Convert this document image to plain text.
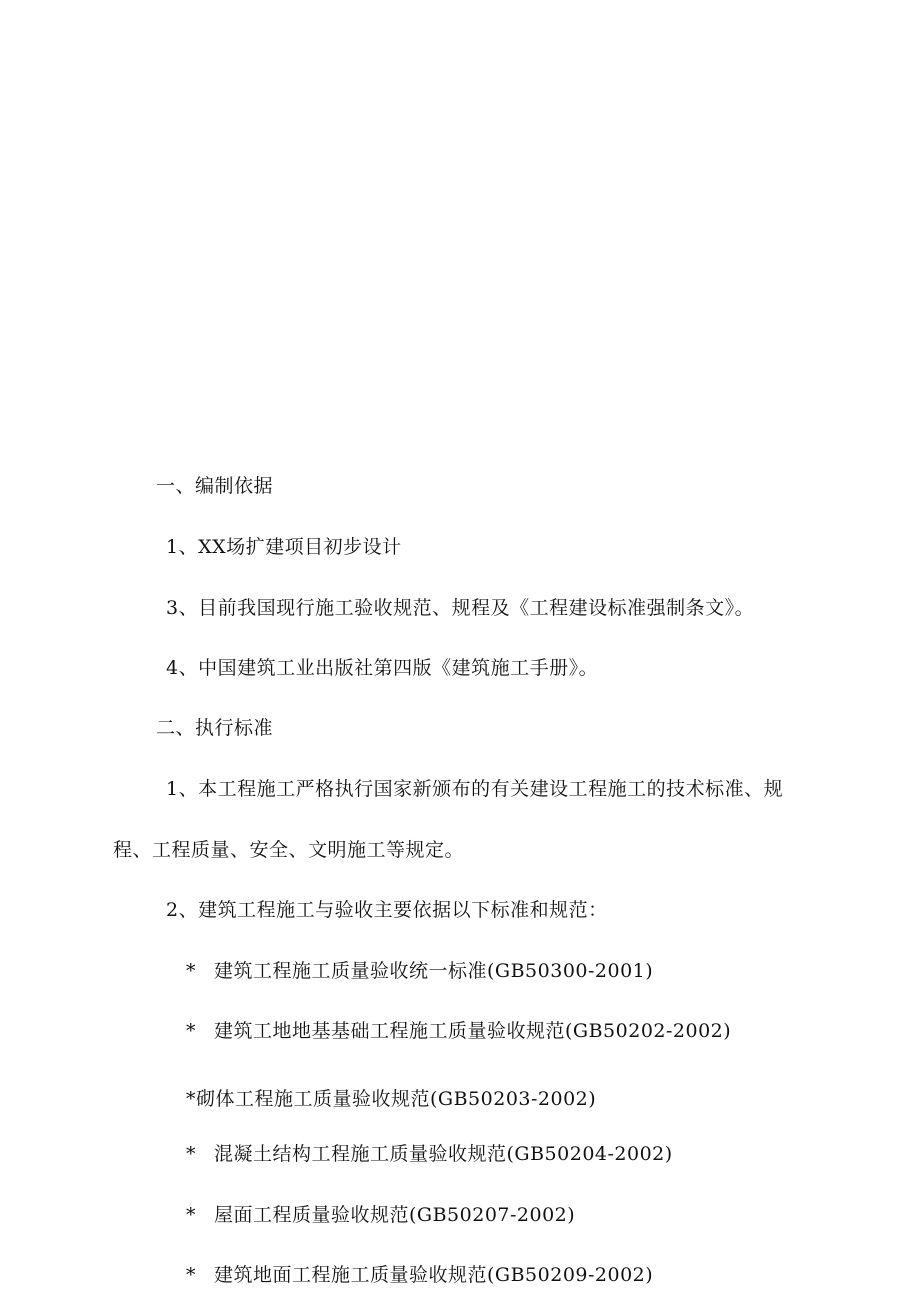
一、编制依据
1、XX场扩建项目初步设计
3、目前我国现行施工验收规范、规程及《工程建设标准强制条文》。
4、中国建筑工业出版社第四版《建筑施工手册》。
二、执行标准
1、本工程施工严格执行国家新颁布的有关建设工程施工的技术标准、规
程、工程质量、安全、文明施工等规定。
2、建筑工程施工与验收主要依据以下标准和规范：
* 建筑工程施工质量验收统一标准(GB50300-2001)
* 建筑工地地基基础工程施工质量验收规范(GB50202-2002)
*砌体工程施工质量验收规范(GB50203-2002)
* 混凝土结构工程施工质量验收规范(GB50204-2002)
* 屋面工程质量验收规范(GB50207-2002)
* 建筑地面工程施工质量验收规范(GB50209-2002)
